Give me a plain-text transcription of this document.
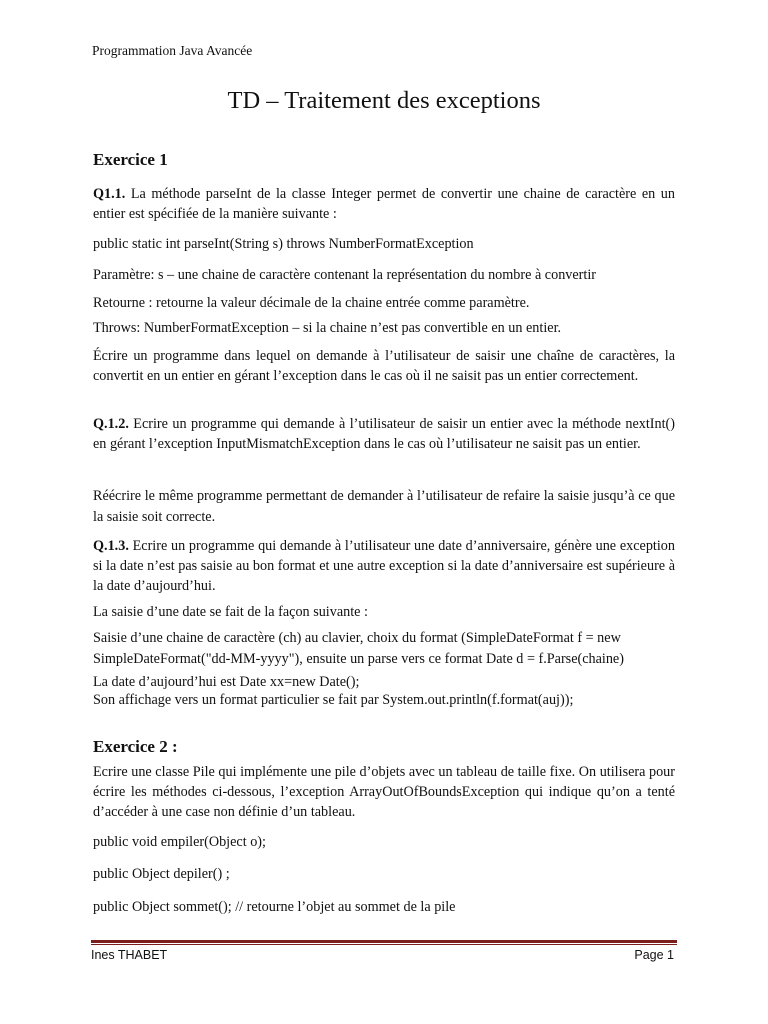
Programmation Java Avancée
TD – Traitement des exceptions
Exercice 1

Q1.1. La méthode parseInt de la classe Integer permet de convertir une chaine de caractère en un entier est spécifiée de la manière suivante :

public static int parseInt(String s) throws NumberFormatException

Paramètre: s – une chaine de caractère contenant la représentation du nombre à convertir

Retourne : retourne la valeur décimale de la chaine entrée comme paramètre.

Throws: NumberFormatException – si la chaine n’est pas convertible en un entier.

Écrire un programme dans lequel on demande à l’utilisateur de saisir une chaîne de caractères, la convertit en un entier en gérant l’exception dans le cas où il ne saisit pas un entier correctement.

Q.1.2. Ecrire un programme qui demande à l’utilisateur de saisir un entier avec la méthode nextInt() en gérant l’exception InputMismatchException dans le cas où l’utilisateur ne saisit pas un entier.

Réécrire le même programme permettant de demander à l’utilisateur de refaire la saisie jusqu’à ce que la saisie soit correcte.

Q.1.3. Ecrire un programme qui demande à l’utilisateur une date d’anniversaire, génère une exception si la date n’est pas saisie au bon format et une autre exception si la date d’anniversaire est supérieure à la date d’aujourd’hui.

La saisie d’une date se fait de la façon suivante :

Saisie d’une chaine de caractère (ch) au clavier, choix du format (SimpleDateFormat f = new SimpleDateFormat("dd-MM-yyyy"), ensuite un parse vers ce format Date d = f.Parse(chaine)

La date d’aujourd’hui est Date xx=new Date();

Son affichage vers un format particulier se fait par System.out.println(f.format(auj));

Exercice 2 :

Ecrire une classe Pile qui implémente une pile d’objets avec un tableau de taille fixe. On utilisera pour écrire les méthodes ci-dessous, l’exception ArrayOutOfBoundsException qui indique qu’on a tenté d’accéder à une case non définie d’un tableau.

public void empiler(Object o);

public Object depiler() ;

public Object sommet(); // retourne l’objet au sommet de la pile

Ines THABET	Page 1
